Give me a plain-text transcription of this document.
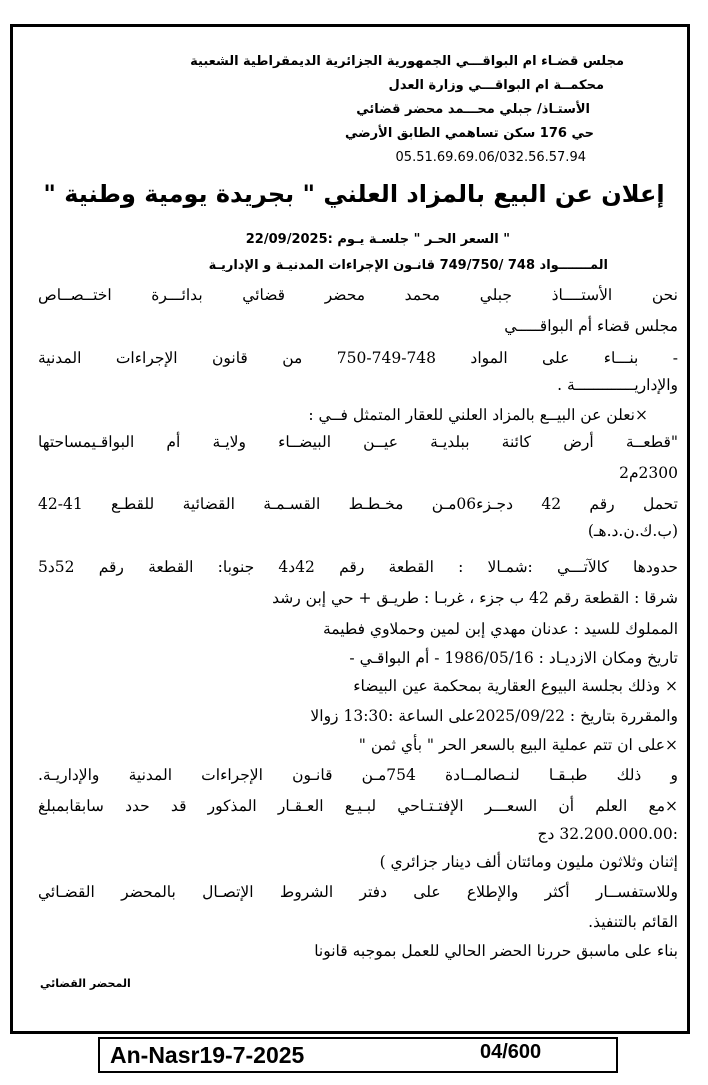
مجلس قضـاء ام البواقـــي الجمهورية الجزائرية الديمقراطية الشعبية
محكمــة ام البواقـــي وزارة العدل
الأستـاذ/ جبلي محـــمد محضر قضائي
حي 176 سكن تساهمي الطابق الأرضي
05.51.69.69.06/032.56.57.94
إعلان عن البيع بالمزاد العلني " بجريدة يومية وطنية "
" السعر الحـر " جلسـة يـوم :22/09/2025
المـــــــواد 748 /749/750 قانـون الإجراءات المدنيـة و الإداريـة
نحن الأستــــاذ جبلي محمد محضر قضائي بدائـــرة اختــصــاص
مجلس قضاء أم البواقـــــي
- بنـــاء على المواد 748-749-750 من قانون الإجراءات المدنية
والإداريـــــــــــــة .
×نعلن عن البيــع بالمزاد العلني للعقار المتمثل فــي :
"قطعــة أرض كائنة ببلديـة عيــن البيضــاء ولايـة أم البواقـيمساحتها
2300م2
تحمل رقم 42 دجـزء06مـن مخـطـط القسـمـة القضائية للقطـع 41-42
(ب.ك.ن.د.هـ)
حدودها كالآتـــي :شمـالا : القطعة رقم 42د4 جنوبا: القطعة رقم 52د5
شرقا : القطعة رقم 42 ب جزء ، غربـا : طريـق + حي إبن رشد
المملوك للسيد : عدنان مهدي إبن لمين وحملاوي فطيمة
تاريخ ومكان الازديـاد : 1986/05/16 - أم البواقـي -
× وذلك بجلسة البيوع العقارية بمحكمة عين البيضاء
والمقررة بتاريخ : 2025/09/22على الساعة :13:30 زوالا
×على ان تتم عملية البيع بالسعر الحر " بأي ثمن "
و ذلك طبـقـا لنـصالمــادة 754مـن قانـون الإجراءات المدنية والإداريـة.
×مع العلم أن السعـــر الإفتـتـاحي لبـيـع العـقـار المذكور قد حدد سابقابمبلغ
:32.200.000.00 دج
إثنان وثلاثون مليون ومائتان ألف دينار جزائري )
وللاستفســار أكثر والإطلاع على دفتر الشروط الإتصـال بالمحضر القضـائي
القائم بالتنفيذ.
بناء على ماسبق حررنا الحضر الحالي للعمل بموجبه قانونا
المحضر القضائي
An-Nasr19-7-2025	04/600
